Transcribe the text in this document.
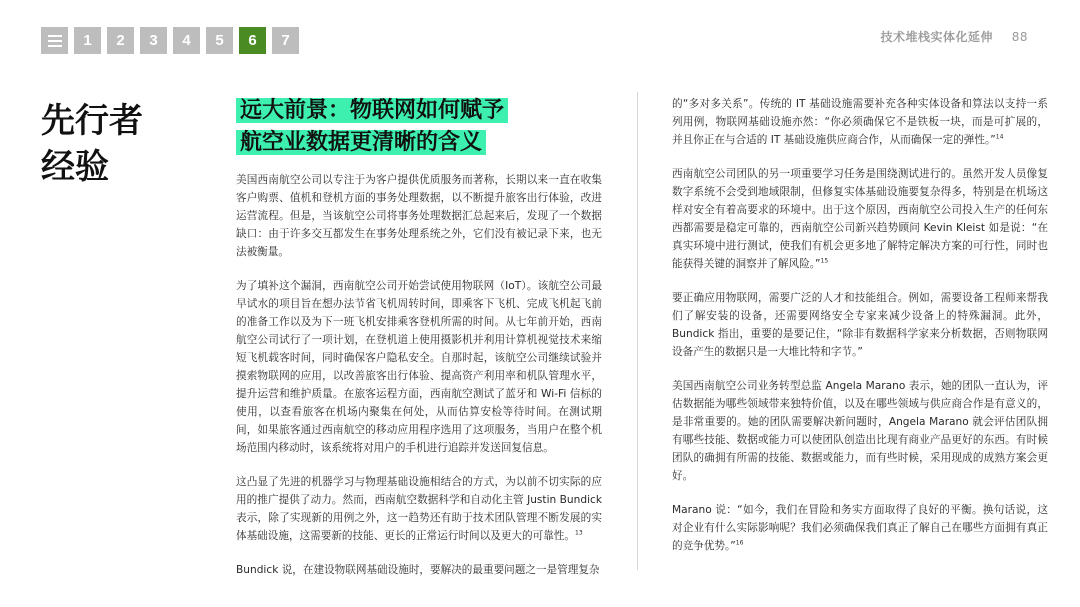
1	2	3	4	5	6	7	技术堆栈实体化延伸 88
先行者
经验
远大前景：物联网如何赋予
航空业数据更清晰的含义

美国西南航空公司以专注于为客户提供优质服务而著称，长期以来一直在收集客户购票、值机和登机方面的事务处理数据，以不断提升旅客出行体验，改进运营流程。但是，当该航空公司将事务处理数据汇总起来后，发现了一个数据缺口：由于许多交互都发生在事务处理系统之外，它们没有被记录下来，也无法被衡量。

为了填补这个漏洞，西南航空公司开始尝试使用物联网（IoT）。该航空公司最早试水的项目旨在想办法节省飞机周转时间，即乘客下飞机、完成飞机起飞前的准备工作以及为下一班飞机安排乘客登机所需的时间。从七年前开始，西南航空公司试行了一项计划，在登机道上使用摄影机并利用计算机视觉技术来缩短飞机载客时间，同时确保客户隐私安全。自那时起，该航空公司继续试验并摸索物联网的应用，以改善旅客出行体验、提高资产利用率和机队管理水平，提升运营和维护质量。在旅客运程方面，西南航空测试了蓝牙和 Wi-Fi 信标的使用，以查看旅客在机场内聚集在何处，从而估算安检等待时间。在测试期间，如果旅客通过西南航空的移动应用程序选用了这项服务，当用户在整个机场范围内移动时，该系统将对用户的手机进行追踪并发送回复信息。

这凸显了先进的机器学习与物理基础设施相结合的方式，为以前不切实际的应用的推广提供了动力。然而，西南航空数据科学和自动化主管 Justin Bundick 表示，除了实现新的用例之外，这一趋势还有助于技术团队管理不断发展的实体基础设施，这需要新的技能、更长的正常运行时间以及更大的可靠性。$^{13}$

Bundick 说，在建设物联网基础设施时，要解决的最重要问题之一是管理复杂

的“多对多关系”。传统的 IT 基础设施需要补充各种实体设备和算法以支持一系列用例，物联网基础设施亦然：“你必须确保它不是铁板一块，而是可扩展的，并且你正在与合适的 IT 基础设施供应商合作，从而确保一定的弹性。”$^{14}$

西南航空公司团队的另一项重要学习任务是围绕测试进行的。虽然开发人员像复数字系统不会受到地域限制，但修复实体基础设施要复杂得多，特别是在机场这样对安全有着高要求的环境中。出于这个原因，西南航空公司投入生产的任何东西都需要是稳定可靠的，西南航空公司新兴趋势顾问 Kevin Kleist 如是说：“在真实环境中进行测试，使我们有机会更多地了解特定解决方案的可行性，同时也能获得关键的洞察并了解风险。”$^{15}$

要正确应用物联网，需要广泛的人才和技能组合。例如，需要设备工程师来帮我们了解安装的设备，还需要网络安全专家来减少设备上的特殊漏洞。此外，Bundick 指出，重要的是要记住，“除非有数据科学家来分析数据，否则物联网设备产生的数据只是一大堆比特和字节。”

美国西南航空公司业务转型总监 Angela Marano 表示，她的团队一直认为，评估数据能为哪些领域带来独特价值，以及在哪些领域与供应商合作是有意义的，是非常重要的。她的团队需要解决新问题时，Angela Marano 就会评估团队拥有哪些技能、数据或能力可以使团队创造出比现有商业产品更好的东西。有时候团队的确拥有所需的技能、数据或能力，而有些时候，采用现成的成熟方案会更好。

Marano 说：“如今，我们在冒险和务实方面取得了良好的平衡。换句话说，这对企业有什么实际影响呢？我们必须确保我们真正了解自己在哪些方面拥有真正的竞争优势。”$^{16}$
